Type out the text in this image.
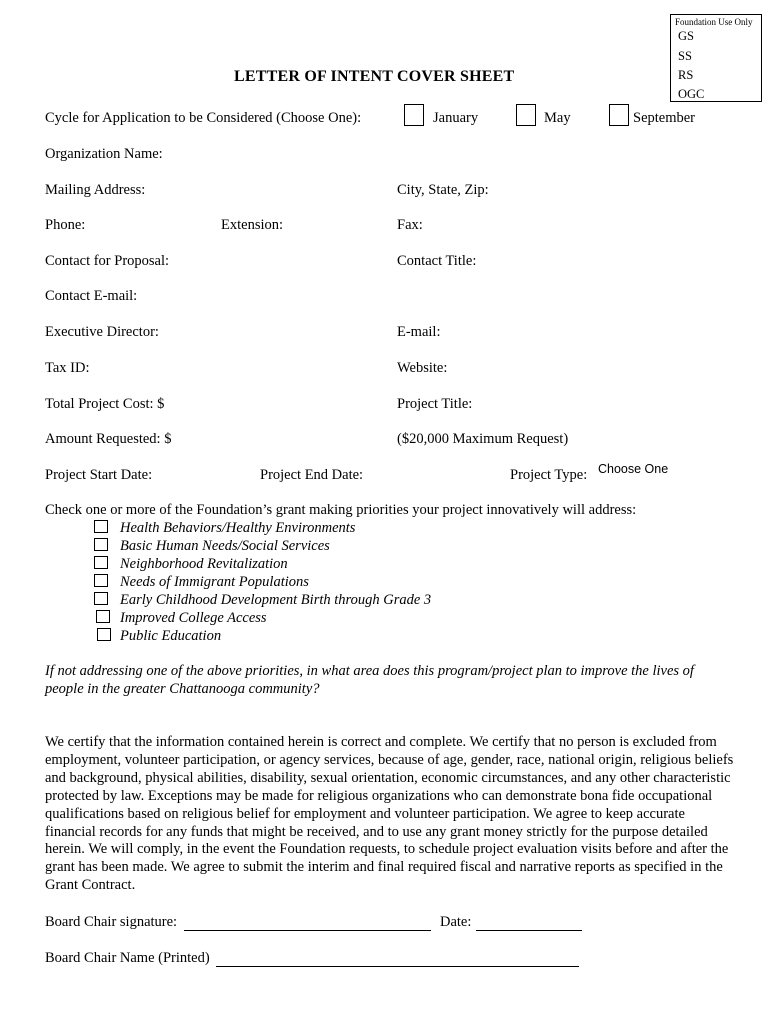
Foundation Use Only
GS
SS
RS
OGC
LETTER OF INTENT COVER SHEET
Cycle for Application to be Considered (Choose One):	January	May	September
Organization Name:
Mailing Address:	City, State, Zip:
Phone:	Extension:	Fax:
Contact for Proposal:	Contact Title:
Contact E-mail:
Executive Director:	E-mail:
Tax ID:	Website:
Total Project Cost: $	Project Title:
Amount Requested: $	($20,000 Maximum Request)
Project Start Date:	Project End Date:	Project Type: Choose One
Check one or more of the Foundation’s grant making priorities your project innovatively will address:
Health Behaviors/Healthy Environments
Basic Human Needs/Social Services
Neighborhood Revitalization
Needs of Immigrant Populations
Early Childhood Development Birth through Grade 3
Improved College Access
Public Education
If not addressing one of the above priorities, in what area does this program/project plan to improve the lives of people in the greater Chattanooga community?
We certify that the information contained herein is correct and complete. We certify that no person is excluded from employment, volunteer participation, or agency services, because of age, gender, race, national origin, religious beliefs and background, physical abilities, disability, sexual orientation, economic circumstances, and any other characteristic protected by law. Exceptions may be made for religious organizations who can demonstrate bona fide occupational qualifications based on religious belief for employment and volunteer participation. We agree to keep accurate financial records for any funds that might be received, and to use any grant money strictly for the purpose detailed herein. We will comply, in the event the Foundation requests, to schedule project evaluation visits before and after the grant has been made. We agree to submit the interim and final required fiscal and narrative reports as specified in the Grant Contract.
Board Chair signature:	Date:
Board Chair Name (Printed)
